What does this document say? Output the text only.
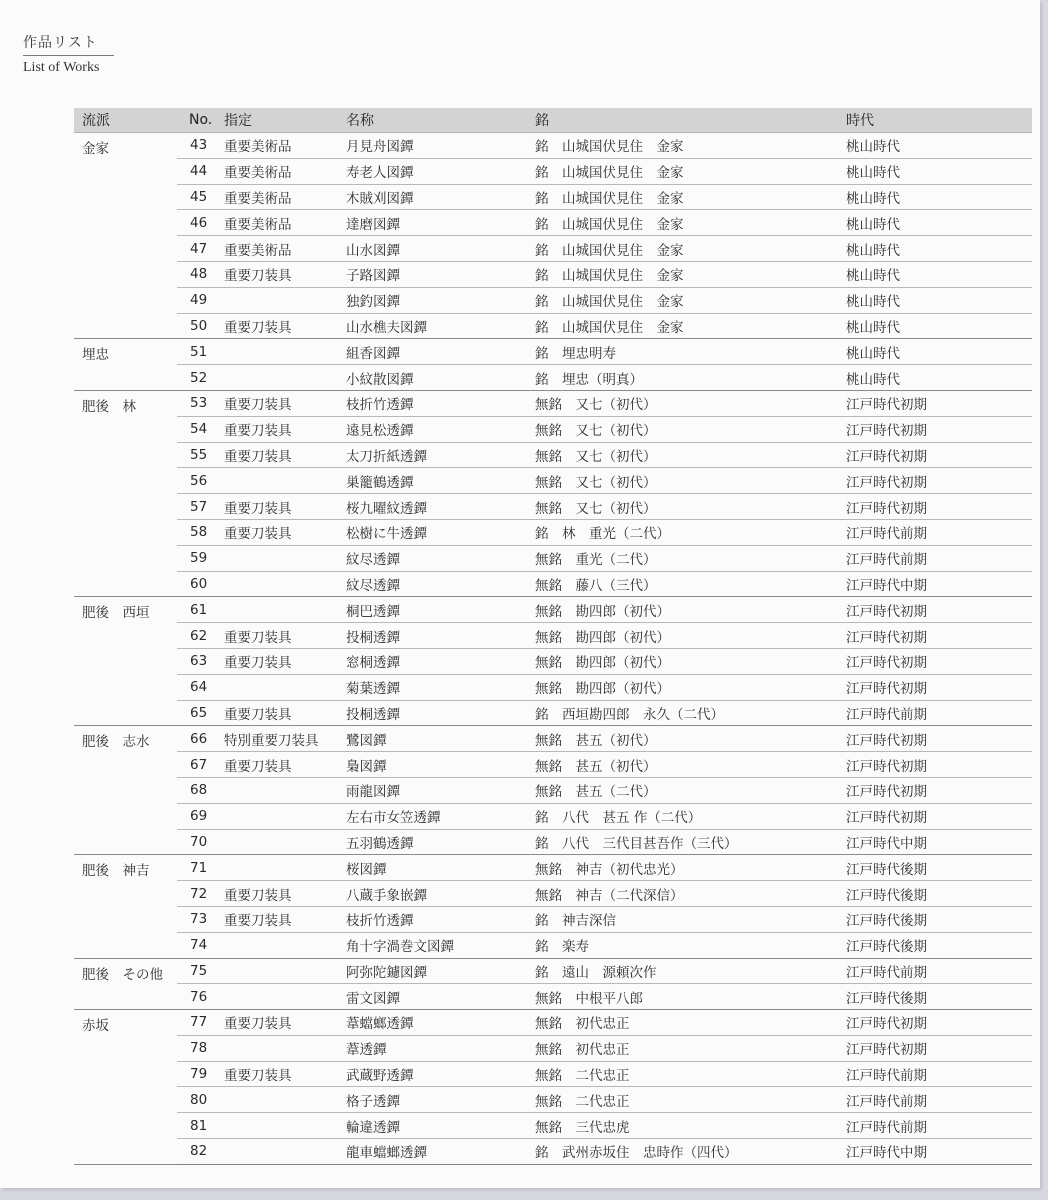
作品リスト
List of Works
流派	No.	指定	名称	銘	時代
金家	43	重要美術品	月見舟図鐔	銘　山城国伏見住　金家	桃山時代
	44	重要美術品	寿老人図鐔	銘　山城国伏見住　金家	桃山時代
	45	重要美術品	木賊刈図鐔	銘　山城国伏見住　金家	桃山時代
	46	重要美術品	達磨図鐔	銘　山城国伏見住　金家	桃山時代
	47	重要美術品	山水図鐔	銘　山城国伏見住　金家	桃山時代
	48	重要刀装具	子路図鐔	銘　山城国伏見住　金家	桃山時代
	49		独釣図鐔	銘　山城国伏見住　金家	桃山時代
	50	重要刀装具	山水樵夫図鐔	銘　山城国伏見住　金家	桃山時代
埋忠	51		組香図鐔	銘　埋忠明寿	桃山時代
	52		小紋散図鐔	銘　埋忠（明真）	桃山時代
肥後　林	53	重要刀装具	枝折竹透鐔	無銘　又七（初代）	江戸時代初期
	54	重要刀装具	遠見松透鐔	無銘　又七（初代）	江戸時代初期
	55	重要刀装具	太刀折紙透鐔	無銘　又七（初代）	江戸時代初期
	56		巣籠鶴透鐔	無銘　又七（初代）	江戸時代初期
	57	重要刀装具	桜九曜紋透鐔	無銘　又七（初代）	江戸時代初期
	58	重要刀装具	松樹に牛透鐔	銘　林　重光（二代）	江戸時代前期
	59		紋尽透鐔	無銘　重光（二代）	江戸時代前期
	60		紋尽透鐔	無銘　藤八（三代）	江戸時代中期
肥後　西垣	61		桐巴透鐔	無銘　勘四郎（初代）	江戸時代初期
	62	重要刀装具	投桐透鐔	無銘　勘四郎（初代）	江戸時代初期
	63	重要刀装具	窓桐透鐔	無銘　勘四郎（初代）	江戸時代初期
	64		菊葉透鐔	無銘　勘四郎（初代）	江戸時代初期
	65	重要刀装具	投桐透鐔	銘　西垣勘四郎　永久（二代）	江戸時代前期
肥後　志水	66	特別重要刀装具	鷺図鐔	無銘　甚五（初代）	江戸時代初期
	67	重要刀装具	梟図鐔	無銘　甚五（初代）	江戸時代初期
	68		雨龍図鐔	無銘　甚五（二代）	江戸時代初期
	69		左右市女笠透鐔	銘　八代　甚五 作（二代）	江戸時代初期
	70		五羽鶴透鐔	銘　八代　三代目甚吾作（三代）	江戸時代中期
肥後　神吉	71		桜図鐔	無銘　神吉（初代忠光）	江戸時代後期
	72	重要刀装具	八蔵手象嵌鐔	無銘　神吉（二代深信）	江戸時代後期
	73	重要刀装具	枝折竹透鐔	銘　神吉深信	江戸時代後期
	74		角十字渦巻文図鐔	銘　楽寿	江戸時代後期
肥後　その他	75		阿弥陀鑢図鐔	銘　遠山　源頼次作	江戸時代前期
	76		雷文図鐔	無銘　中根平八郎	江戸時代後期
赤坂	77	重要刀装具	葦蟷螂透鐔	無銘　初代忠正	江戸時代初期
	78		葦透鐔	無銘　初代忠正	江戸時代初期
	79	重要刀装具	武蔵野透鐔	無銘　二代忠正	江戸時代前期
	80		格子透鐔	無銘　二代忠正	江戸時代前期
	81		輪違透鐔	無銘　三代忠虎	江戸時代前期
	82		龍車蟷螂透鐔	銘　武州赤坂住　忠時作（四代）	江戸時代中期
